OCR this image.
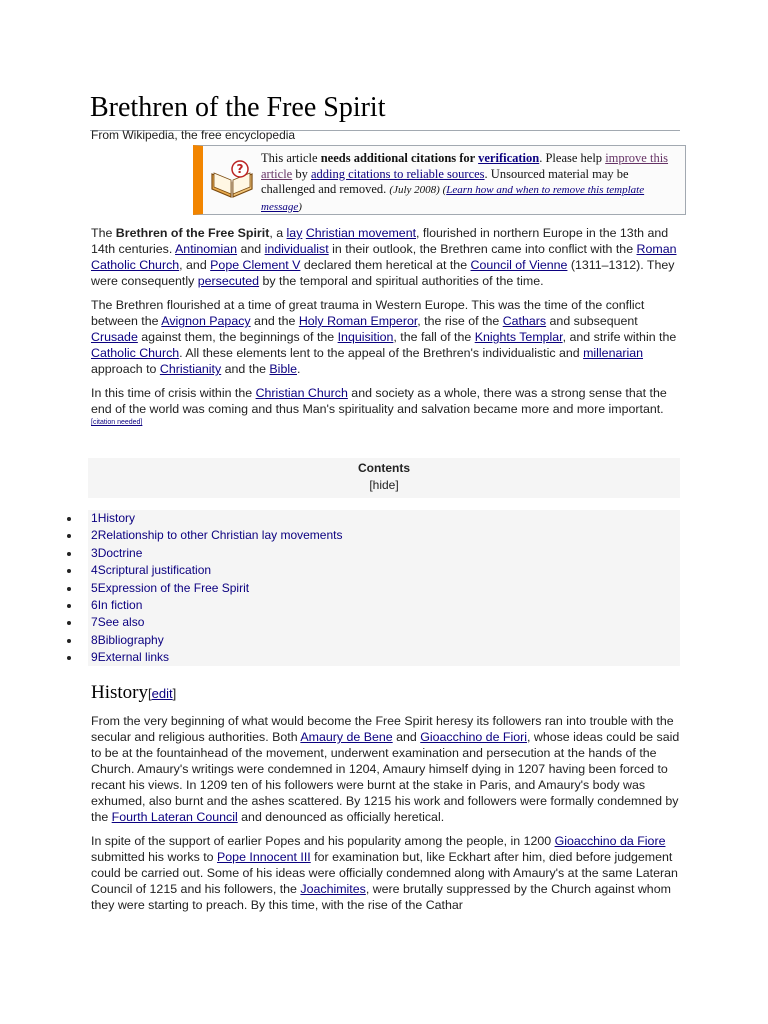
Brethren of the Free Spirit
From Wikipedia, the free encyclopedia
?
This article needs additional citations for verification. Please help improve this article by adding citations to reliable sources. Unsourced material may be challenged and removed. (July 2008) (Learn how and when to remove this template message)

The Brethren of the Free Spirit, a lay Christian movement, flourished in northern Europe in the 13th and 14th centuries. Antinomian and individualist in their outlook, the Brethren came into conflict with the Roman Catholic Church, and Pope Clement V declared them heretical at the Council of Vienne (1311–1312). They were consequently persecuted by the temporal and spiritual authorities of the time.

The Brethren flourished at a time of great trauma in Western Europe. This was the time of the conflict between the Avignon Papacy and the Holy Roman Emperor, the rise of the Cathars and subsequent Crusade against them, the beginnings of the Inquisition, the fall of the Knights Templar, and strife within the Catholic Church. All these elements lent to the appeal of the Brethren's individualistic and millenarian approach to Christianity and the Bible.

In this time of crisis within the Christian Church and society as a whole, there was a strong sense that the end of the world was coming and thus Man's spirituality and salvation became more and more important.[citation needed]

Contents
[hide]
1History
2Relationship to other Christian lay movements
3Doctrine
4Scriptural justification
5Expression of the Free Spirit
6In fiction
7See also
8Bibliography
9External links
History[edit]

From the very beginning of what would become the Free Spirit heresy its followers ran into trouble with the secular and religious authorities. Both Amaury de Bene and Gioacchino de Fiori, whose ideas could be said to be at the fountainhead of the movement, underwent examination and persecution at the hands of the Church. Amaury's writings were condemned in 1204, Amaury himself dying in 1207 having been forced to recant his views. In 1209 ten of his followers were burnt at the stake in Paris, and Amaury's body was exhumed, also burnt and the ashes scattered. By 1215 his work and followers were formally condemned by the Fourth Lateran Council and denounced as officially heretical.

In spite of the support of earlier Popes and his popularity among the people, in 1200 Gioacchino da Fiore submitted his works to Pope Innocent III for examination but, like Eckhart after him, died before judgement could be carried out. Some of his ideas were officially condemned along with Amaury's at the same Lateran Council of 1215 and his followers, the Joachimites, were brutally suppressed by the Church against whom they were starting to preach. By this time, with the rise of the Cathar
